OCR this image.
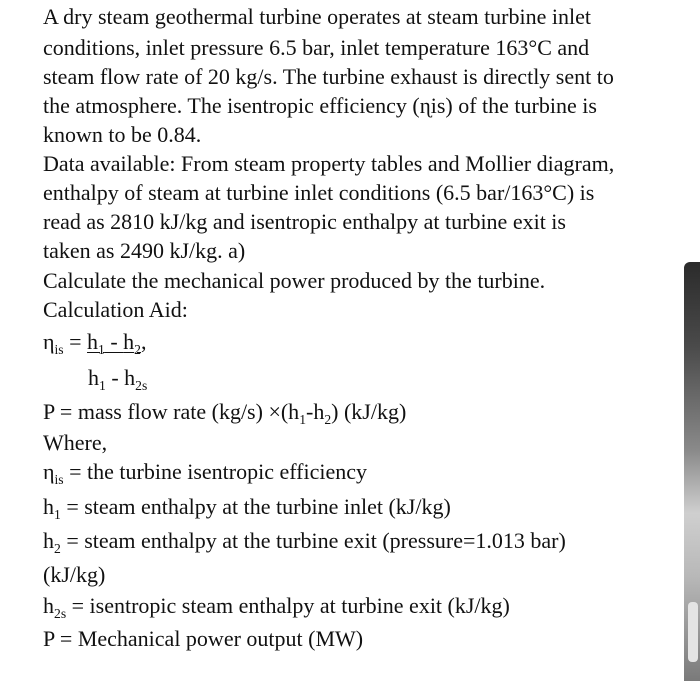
A dry steam geothermal turbine operates at steam turbine inlet
conditions, inlet pressure 6.5 bar, inlet temperature 163°C and
steam flow rate of 20 kg/s. The turbine exhaust is directly sent to
the atmosphere. The isentropic efficiency (ɳis) of the turbine is
known to be 0.84.
Data available: From steam property tables and Mollier diagram,
enthalpy of steam at turbine inlet conditions (6.5 bar/163°C) is
read as 2810 kJ/kg and isentropic enthalpy at turbine exit is
taken as 2490 kJ/kg. a)
Calculate the mechanical power produced by the turbine.
Calculation Aid:
$\eta_{is} = h_1 - h_2$,
$h_1 - h_{2s}$
P = mass flow rate $(kg/s) \times(h_1-h_2)$ (kJ/kg)
Where,
$\eta_{is}$ = the turbine isentropic efficiency
$h_1$ = steam enthalpy at the turbine inlet (kJ/kg)
$h_2$ = steam enthalpy at the turbine exit (pressure=1.013 bar)
(kJ/kg)
$h_{2s}$ = isentropic steam enthalpy at turbine exit (kJ/kg)
P = Mechanical power output (MW)
